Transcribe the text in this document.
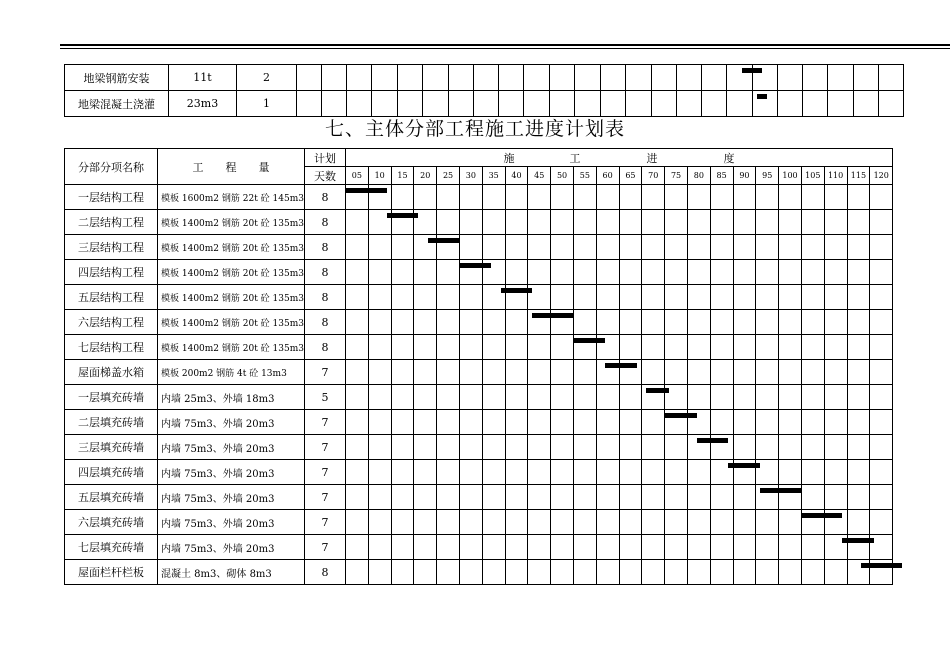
地梁钢筋安装	11t	2																								
地梁混凝土浇灌	23m3	1																								
七、主体分部工程施工进度计划表
分部分项名称	工　　程　　量	计划	施　　　　　工　　　　　　进　　　　　　度																							
		天数	05	10	15	20	25	30	35	40	45	50	55	60	65	70	75	80	85	90	95	100	105	110	115	120
一层结构工程	模板 1600m2 钢筋 22t 砼 145m3	8																								
二层结构工程	模板 1400m2 钢筋 20t 砼 135m3	8																								
三层结构工程	模板 1400m2 钢筋 20t 砼 135m3	8																								
四层结构工程	模板 1400m2 钢筋 20t 砼 135m3	8																								
五层结构工程	模板 1400m2 钢筋 20t 砼 135m3	8																								
六层结构工程	模板 1400m2 钢筋 20t 砼 135m3	8																								
七层结构工程	模板 1400m2 钢筋 20t 砼 135m3	8																								
屋面梯盖水箱	模板 200m2 钢筋 4t 砼 13m3	7																								
一层填充砖墙	内墙 25m3、外墙 18m3	5																								
二层填充砖墙	内墙 75m3、外墙 20m3	7																								
三层填充砖墙	内墙 75m3、外墙 20m3	7																								
四层填充砖墙	内墙 75m3、外墙 20m3	7																								
五层填充砖墙	内墙 75m3、外墙 20m3	7																								
六层填充砖墙	内墙 75m3、外墙 20m3	7																								
七层填充砖墙	内墙 75m3、外墙 20m3	7																								
屋面栏杆栏板	混凝土 8m3、砌体 8m3	8																								
